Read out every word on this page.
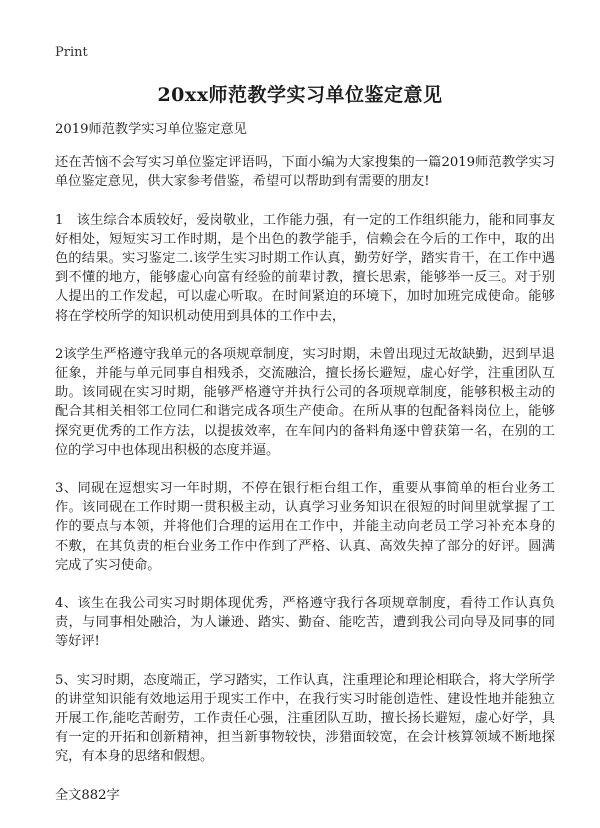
Print
20xx师范教学实习单位鉴定意见

2019师范教学实习单位鉴定意见

还在苦恼不会写实习单位鉴定评语吗，下面小编为大家搜集的一篇2019师范教学实习单位鉴定意见，供大家参考借鉴，希望可以帮助到有需要的朋友!

1　该生综合本质较好，爱岗敬业，工作能力强，有一定的工作组织能力，能和同事友好相处，短短实习工作时期，是个出色的教学能手，信赖会在今后的工作中，取的出色的结果。实习鉴定二.该学生实习时期工作认真，勤劳好学，踏实肯干，在工作中遇到不懂的地方，能够虚心向富有经验的前辈讨教，擅长思索，能够举一反三。对于别人提出的工作发起，可以虚心听取。在时间紧迫的环境下，加时加班完成使命。能够将在学校所学的知识机动使用到具体的工作中去，

2该学生严格遵守我单元的各项规章制度，实习时期，未曾出现过无故缺勤，迟到早退征象，并能与单元同事自相残杀，交流融洽，擅长扬长避短，虚心好学，注重团队互助。该同砚在实习时期，能够严格遵守并执行公司的各项规章制度，能够积极主动的配合其相关相邻工位同仁和谐完成各项生产使命。在所从事的包配备料岗位上，能够探究更优秀的工作方法，以提拔效率，在车间内的备料角逐中曾获第一名，在别的工位的学习中也体现出积极的态度并逼。

3、同砚在逗想实习一年时期，不停在银行柜台组工作，重要从事简单的柜台业务工作。该同砚在工作时期一贯积极主动，认真学习业务知识在很短的时间里就掌握了工作的要点与本领，并将他们合理的运用在工作中，并能主动向老员工学习补充本身的不敷，在其负责的柜台业务工作中作到了严格、认真、高效失掉了部分的好评。圆满完成了实习使命。

4、该生在我公司实习时期体现优秀，严格遵守我行各项规章制度，看待工作认真负责，与同事相处融洽，为人谦逊、踏实、勤奋、能吃苦，遭到我公司向导及同事的同等好评!

5、实习时期，态度端正，学习踏实，工作认真，注重理论和理论相联合，将大学所学的讲堂知识能有效地运用于现实工作中，在我行实习时能创造性、建设性地并能独立开展工作,能吃苦耐劳，工作责任心强，注重团队互助，擅长扬长避短，虚心好学，具有一定的开拓和创新精神，担当新事物较快，涉猎面较宽，在会计核算领域不断地探究，有本身的思绪和假想。

全文882字
